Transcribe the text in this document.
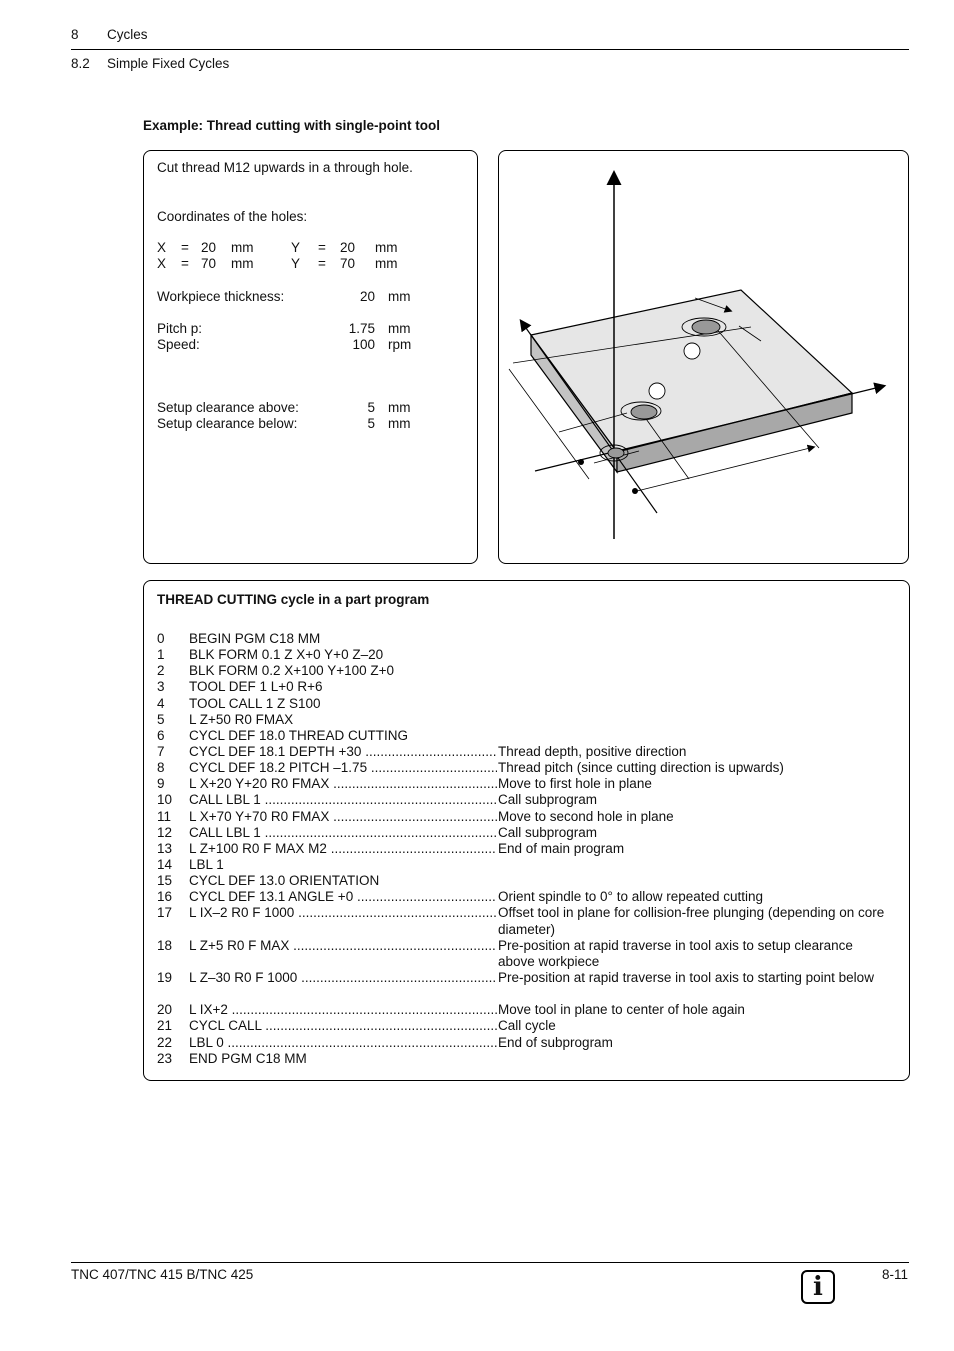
8 Cycles
8.2 Simple Fixed Cycles
Example: Thread cutting with single-point tool
Cut thread M12 upwards in a through hole.
Coordinates of the holes:
X = 20 mm	Y = 20 mm
X = 70 mm	Y = 70 mm
Workpiece thickness:	20 mm
Pitch p:	1.75 mm
Speed:	100 rpm
Setup clearance above:	5 mm
Setup clearance below:	5 mm
THREAD CUTTING cycle in a part program
0	BEGIN PGM C18 MM
1	BLK FORM 0.1 Z X+0 Y+0 Z–20
2	BLK FORM 0.2 X+100 Y+100 Z+0
3	TOOL DEF 1 L+0 R+6
4	TOOL CALL 1 Z S100
5	L Z+50 R0 FMAX
6	CYCL DEF 18.0 THREAD CUTTING
7	CYCL DEF 18.1 DEPTH +30 .....	Thread depth, positive direction
8	CYCL DEF 18.2 PITCH –1.75 .....	Thread pitch (since cutting direction is upwards)
9	L X+20 Y+20 R0 FMAX .....	Move to first hole in plane
10	CALL LBL 1 .....	Call subprogram
11	L X+70 Y+70 R0 FMAX .....	Move to second hole in plane
12	CALL LBL 1 .....	Call subprogram
13	L Z+100 R0 F MAX M2 .....	End of main program
14	LBL 1
15	CYCL DEF 13.0 ORIENTATION
16	CYCL DEF 13.1 ANGLE +0 .....	Orient spindle to 0° to allow repeated cutting
17	L IX–2 R0 F 1000 .....	Offset tool in plane for collision-free plunging (depending on core diameter)
18	L Z+5 R0 F MAX .....	Pre-position at rapid traverse in tool axis to setup clearance above workpiece
19	L Z–30 R0 F 1000 .....	Pre-position at rapid traverse in tool axis to starting point below
20	L IX+2 .....	Move tool in plane to center of hole again
21	CYCL CALL .....	Call cycle
22	LBL 0 .....	End of subprogram
23	END PGM C18 MM
TNC 407/TNC 415 B/TNC 425	8-11
i
